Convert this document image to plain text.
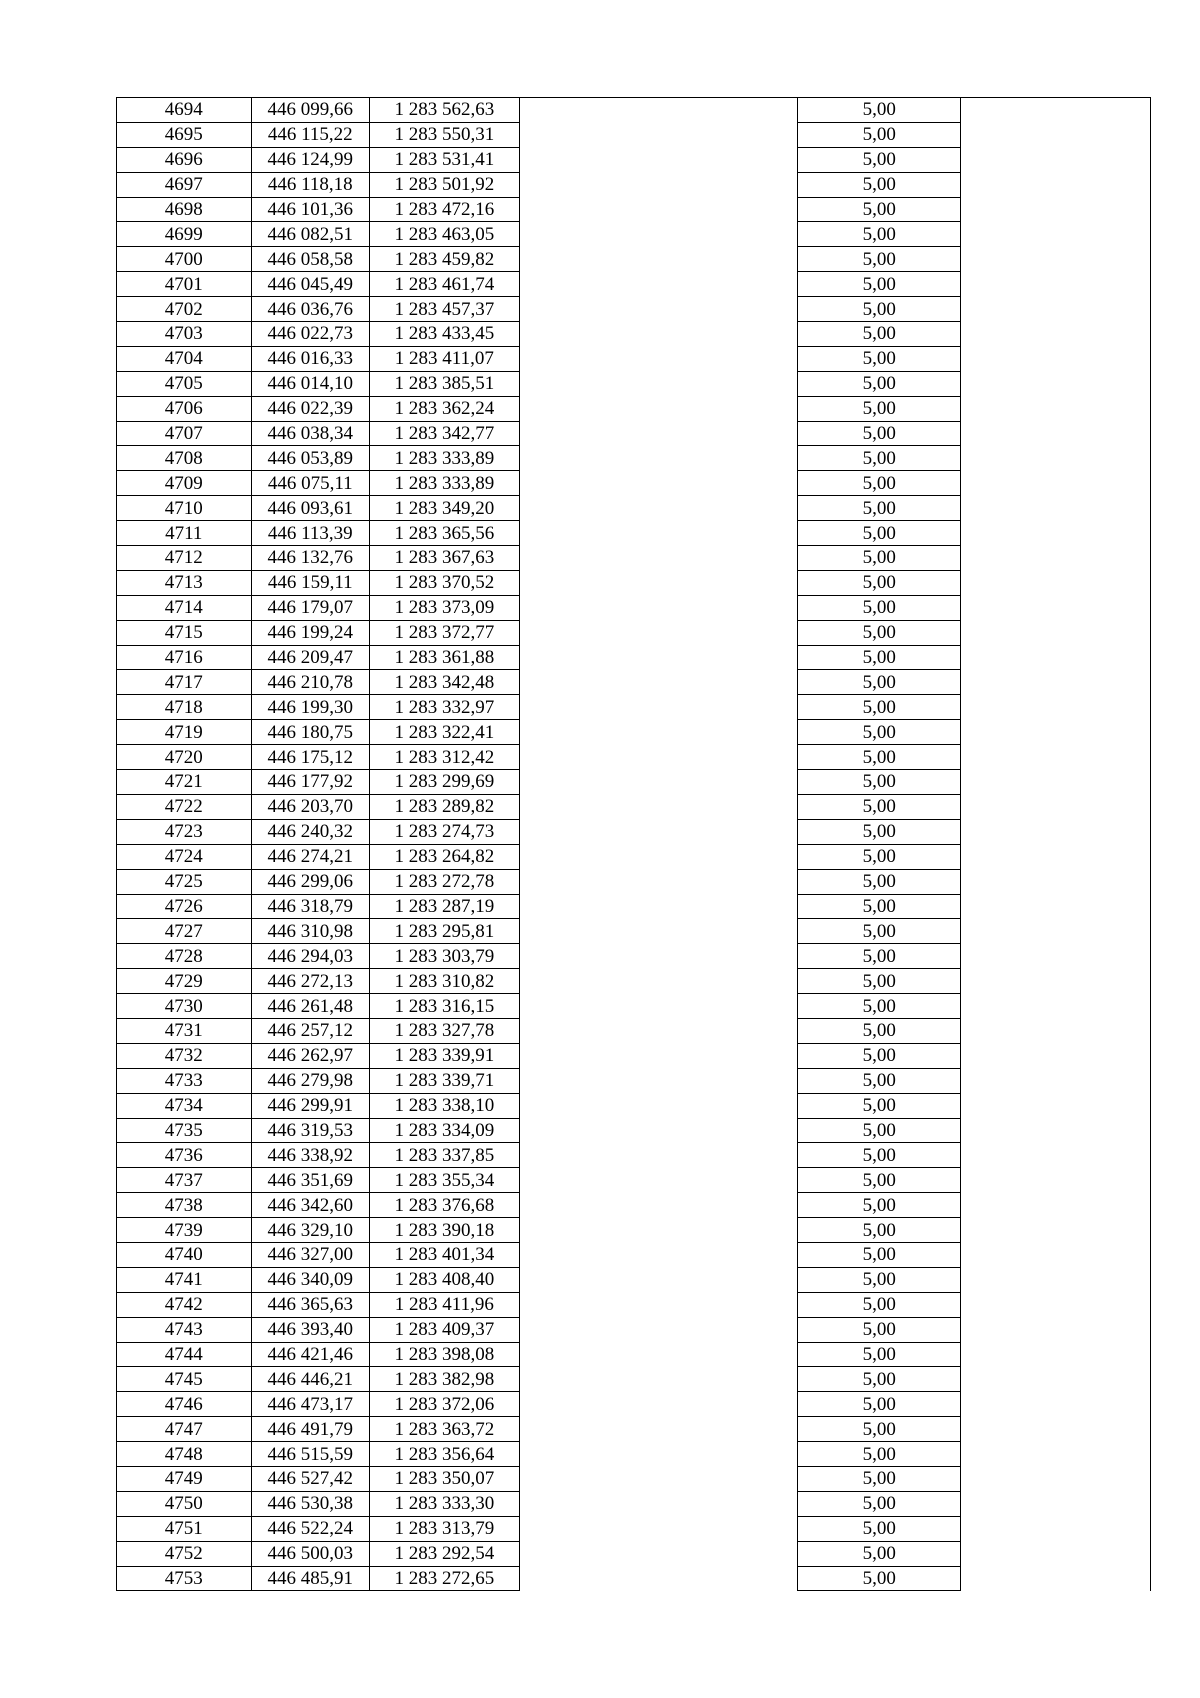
4694	446 099,66	1 283 562,63		5,00	
4695	446 115,22	1 283 550,31		5,00	
4696	446 124,99	1 283 531,41		5,00	
4697	446 118,18	1 283 501,92		5,00	
4698	446 101,36	1 283 472,16		5,00	
4699	446 082,51	1 283 463,05		5,00	
4700	446 058,58	1 283 459,82		5,00	
4701	446 045,49	1 283 461,74		5,00	
4702	446 036,76	1 283 457,37		5,00	
4703	446 022,73	1 283 433,45		5,00	
4704	446 016,33	1 283 411,07		5,00	
4705	446 014,10	1 283 385,51		5,00	
4706	446 022,39	1 283 362,24		5,00	
4707	446 038,34	1 283 342,77		5,00	
4708	446 053,89	1 283 333,89		5,00	
4709	446 075,11	1 283 333,89		5,00	
4710	446 093,61	1 283 349,20		5,00	
4711	446 113,39	1 283 365,56		5,00	
4712	446 132,76	1 283 367,63		5,00	
4713	446 159,11	1 283 370,52		5,00	
4714	446 179,07	1 283 373,09		5,00	
4715	446 199,24	1 283 372,77		5,00	
4716	446 209,47	1 283 361,88		5,00	
4717	446 210,78	1 283 342,48		5,00	
4718	446 199,30	1 283 332,97		5,00	
4719	446 180,75	1 283 322,41		5,00	
4720	446 175,12	1 283 312,42		5,00	
4721	446 177,92	1 283 299,69		5,00	
4722	446 203,70	1 283 289,82		5,00	
4723	446 240,32	1 283 274,73		5,00	
4724	446 274,21	1 283 264,82		5,00	
4725	446 299,06	1 283 272,78		5,00	
4726	446 318,79	1 283 287,19		5,00	
4727	446 310,98	1 283 295,81		5,00	
4728	446 294,03	1 283 303,79		5,00	
4729	446 272,13	1 283 310,82		5,00	
4730	446 261,48	1 283 316,15		5,00	
4731	446 257,12	1 283 327,78		5,00	
4732	446 262,97	1 283 339,91		5,00	
4733	446 279,98	1 283 339,71		5,00	
4734	446 299,91	1 283 338,10		5,00	
4735	446 319,53	1 283 334,09		5,00	
4736	446 338,92	1 283 337,85		5,00	
4737	446 351,69	1 283 355,34		5,00	
4738	446 342,60	1 283 376,68		5,00	
4739	446 329,10	1 283 390,18		5,00	
4740	446 327,00	1 283 401,34		5,00	
4741	446 340,09	1 283 408,40		5,00	
4742	446 365,63	1 283 411,96		5,00	
4743	446 393,40	1 283 409,37		5,00	
4744	446 421,46	1 283 398,08		5,00	
4745	446 446,21	1 283 382,98		5,00	
4746	446 473,17	1 283 372,06		5,00	
4747	446 491,79	1 283 363,72		5,00	
4748	446 515,59	1 283 356,64		5,00	
4749	446 527,42	1 283 350,07		5,00	
4750	446 530,38	1 283 333,30		5,00	
4751	446 522,24	1 283 313,79		5,00	
4752	446 500,03	1 283 292,54		5,00	
4753	446 485,91	1 283 272,65		5,00	
